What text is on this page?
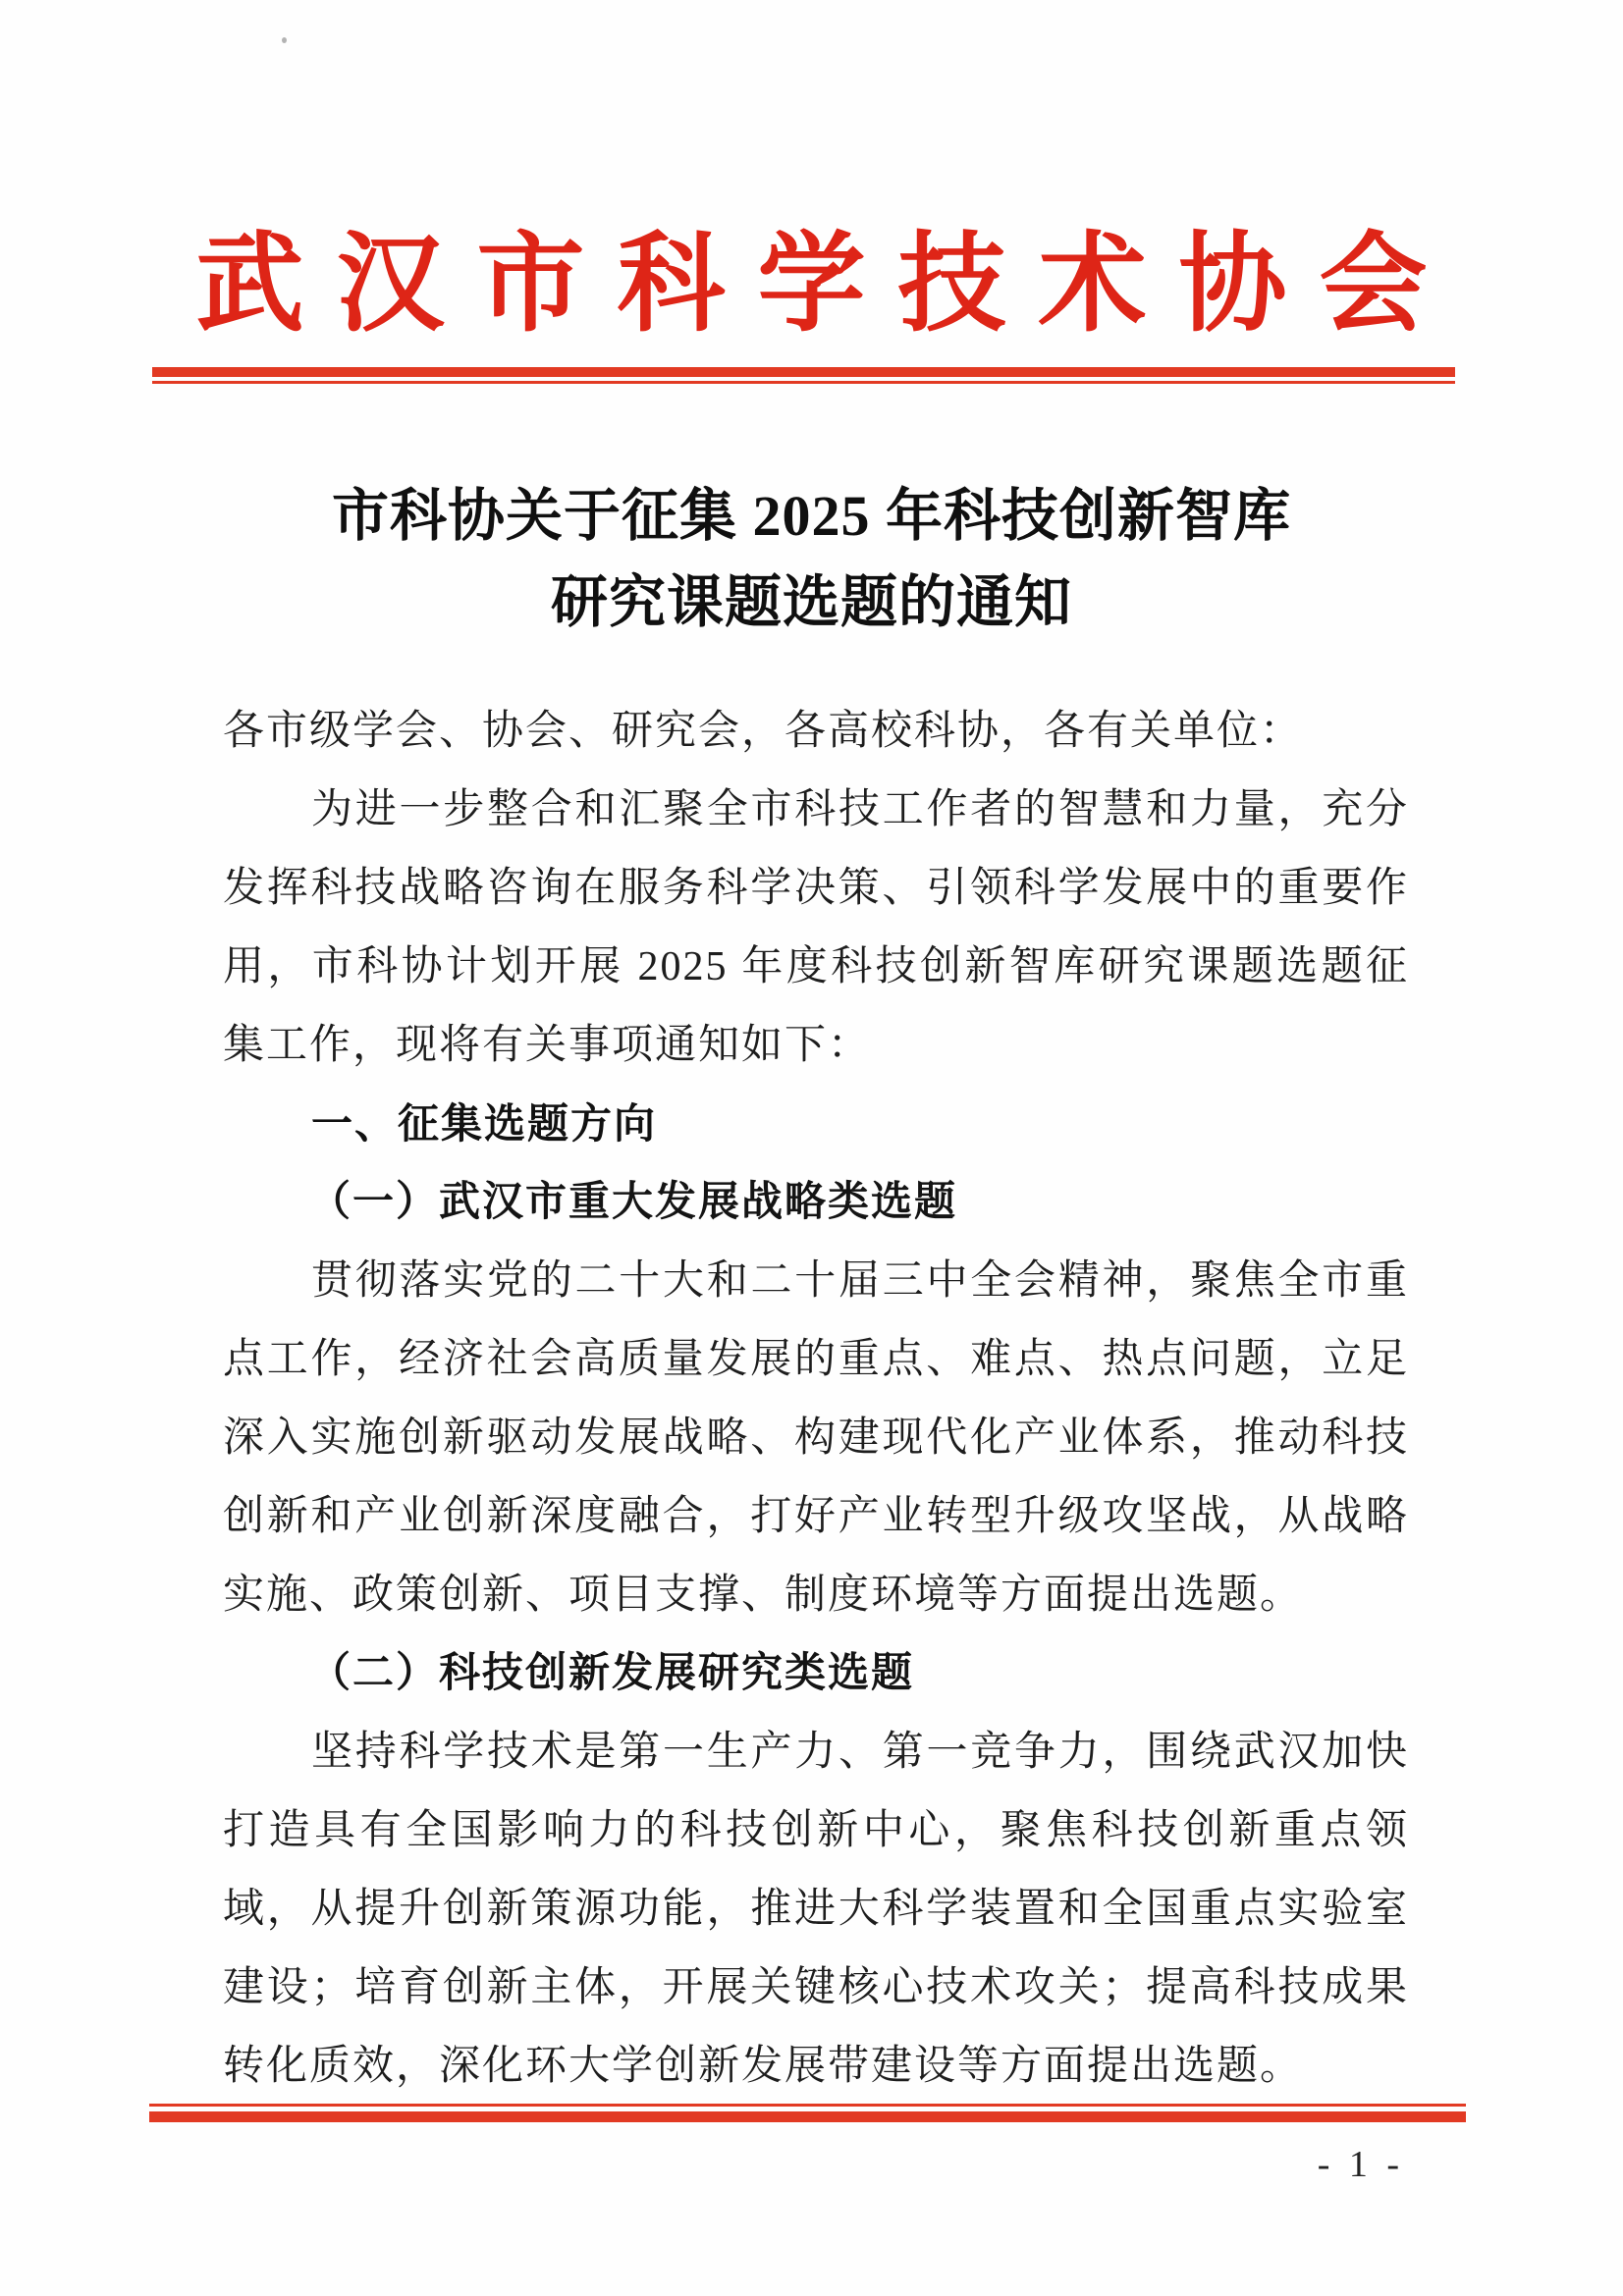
武汉市科学技术协会
市科协关于征集 2025 年科技创新智库
研究课题选题的通知
各市级学会、协会、研究会，各高校科协，各有关单位：
为进一步整合和汇聚全市科技工作者的智慧和力量，充分
发挥科技战略咨询在服务科学决策、引领科学发展中的重要作
用，市科协计划开展 2025 年度科技创新智库研究课题选题征
集工作，现将有关事项通知如下：
一、征集选题方向
（一）武汉市重大发展战略类选题
贯彻落实党的二十大和二十届三中全会精神，聚焦全市重
点工作，经济社会高质量发展的重点、难点、热点问题，立足
深入实施创新驱动发展战略、构建现代化产业体系，推动科技
创新和产业创新深度融合，打好产业转型升级攻坚战，从战略
实施、政策创新、项目支撑、制度环境等方面提出选题。
（二）科技创新发展研究类选题
坚持科学技术是第一生产力、第一竞争力，围绕武汉加快
打造具有全国影响力的科技创新中心，聚焦科技创新重点领
域，从提升创新策源功能，推进大科学装置和全国重点实验室
建设；培育创新主体，开展关键核心技术攻关；提高科技成果
转化质效，深化环大学创新发展带建设等方面提出选题。
- 1 -
